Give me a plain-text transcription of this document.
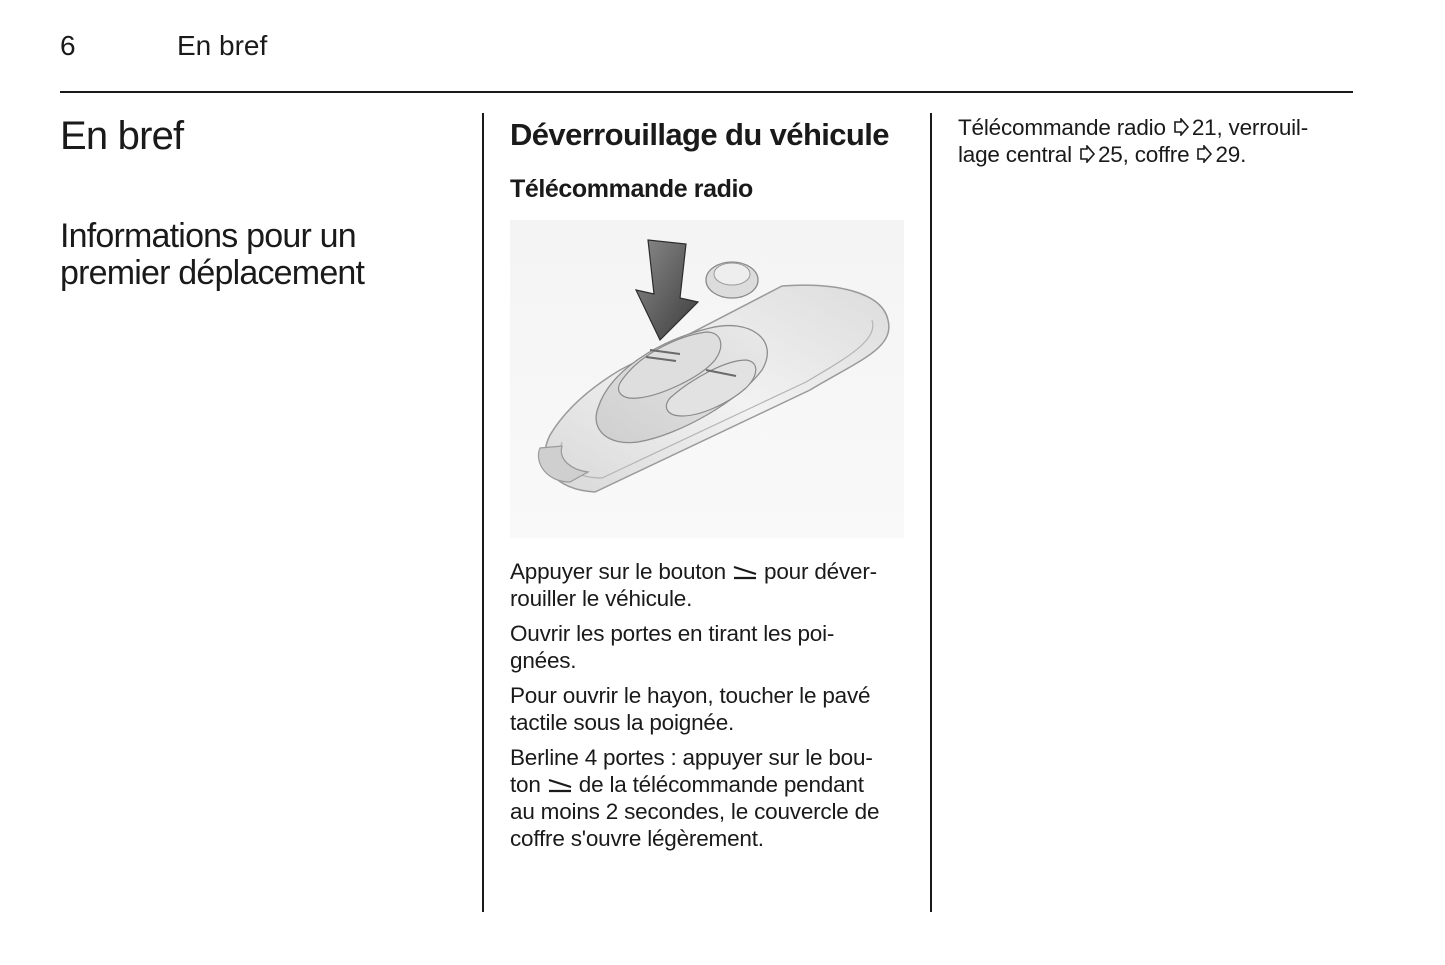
6	En bref
En bref
Informations pour un
premier déplacement
Déverrouillage du véhicule
Télécommande radio

Appuyer sur le bouton  pour déver-
rouiller le véhicule.

Ouvrir les portes en tirant les poi-
gnées.

Pour ouvrir le hayon, toucher le pavé
tactile sous la poignée.

Berline 4 portes : appuyer sur le bou-
ton  de la télécommande pendant
au moins 2 secondes, le couvercle de
coffre s'ouvre légèrement.

Télécommande radio 21, verrouil-
lage central 25, coffre 29.
